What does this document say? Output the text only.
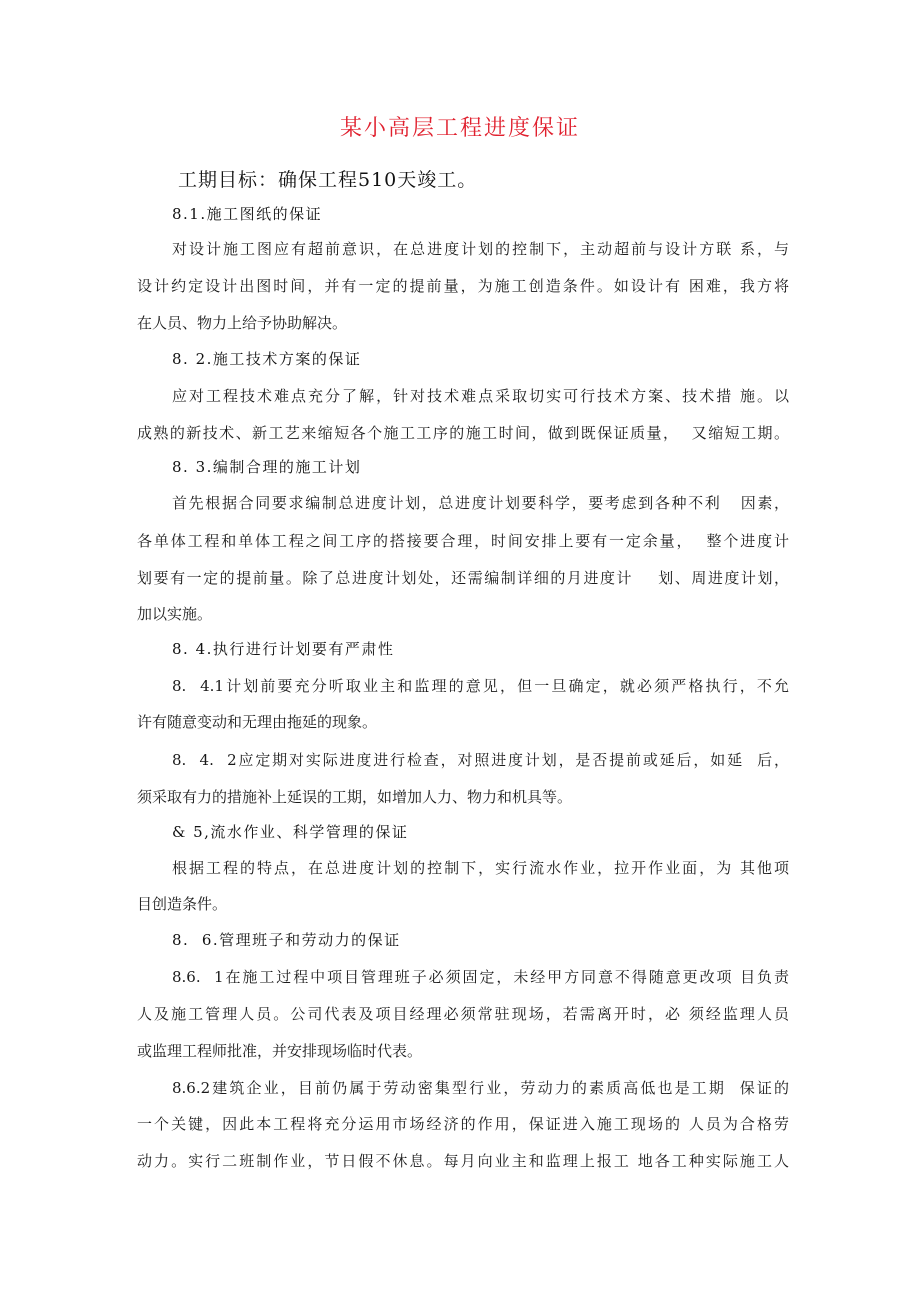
某小高层工程进度保证
工期目标：确保工程510天竣工。
8.1.施工图纸的保证
对设计施工图应有超前意识，在总进度计划的控制下，主动超前与设计方联 系，与
设计约定设计出图时间，并有一定的提前量，为施工创造条件。如设计有 困难，我方将
在人员、物力上给予协助解决。
8. 2.施工技术方案的保证
应对工程技术难点充分了解，针对技术难点采取切实可行技术方案、技术措 施。以
成熟的新技术、新工艺来缩短各个施工工序的施工时间，做到既保证质量，  又缩短工期。
8. 3.编制合理的施工计划
首先根据合同要求编制总进度计划，总进度计划要科学，要考虑到各种不利   因素，
各单体工程和单体工程之间工序的搭接要合理，时间安排上要有一定余量，  整个进度计
划要有一定的提前量。除了总进度计划处，还需编制详细的月进度计    划、周进度计划，
加以实施。
8. 4.执行进行计划要有严肃性
8.  4.1计划前要充分听取业主和监理的意见，但一旦确定，就必须严格执行，不允
许有随意变动和无理由拖延的现象。
8.  4.  2应定期对实际进度进行检查，对照进度计划，是否提前或延后，如延  后，
须采取有力的措施补上延误的工期，如增加人力、物力和机具等。
& 5,流水作业、科学管理的保证
根据工程的特点，在总进度计划的控制下，实行流水作业，拉开作业面，为 其他项
目创造条件。
8.  6.管理班子和劳动力的保证
8.6.  1在施工过程中项目管理班子必须固定，未经甲方同意不得随意更改项 目负责
人及施工管理人员。公司代表及项目经理必须常驻现场，若需离开时，必 须经监理人员
或监理工程师批准，并安排现场临时代表。
8.6.2建筑企业，目前仍属于劳动密集型行业，劳动力的素质高低也是工期  保证的
一个关键，因此本工程将充分运用市场经济的作用，保证进入施工现场的 人员为合格劳
动力。实行二班制作业，节日假不休息。每月向业主和监理上报工 地各工种实际施工人
